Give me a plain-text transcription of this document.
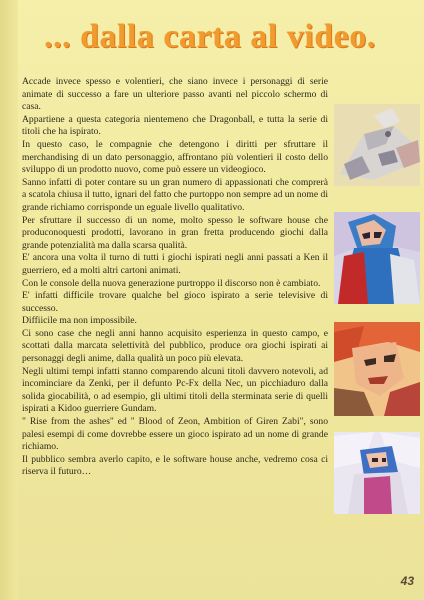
... dalla carta al video.

Accade invece spesso e volentieri, che siano invece i personaggi di serie animate di successo a fare un ulteriore passo avanti nel piccolo schermo di casa.

Appartiene a questa categoria nientemeno che Dragonball, e tutta la serie di titoli che ha ispirato.

In questo caso, le compagnie che detengono i diritti per sfruttare il merchandising di un dato personaggio, affrontano più volentieri il costo dello sviluppo di un prodotto nuovo, come può essere un videogioco.

Sanno infatti di poter contare su un gran numero di appassionati che comprerà a scatola chiusa il tutto, ignari del fatto che purtoppo non sempre ad un nome di grande richiamo corrisponde un eguale livello qualitativo.

Per sfruttare il successo di un nome, molto spesso le software house che produconoquesti prodotti, lavorano in gran fretta producendo giochi dalla grande potenzialità ma dalla scarsa qualità.

E' ancora una volta il turno di tutti i giochi ispirati negli anni passati a Ken il guerriero, ed a molti altri cartoni animati.

Con le console della nuova generazione purtroppo il discorso non è cambiato.

E' infatti difficile trovare qualche bel gioco ispirato a serie televisive di successo.

Diffiicile ma non impossibile.

Ci sono case che negli anni hanno acquisito esperienza in questo campo, e scottati dalla marcata selettività del pubblico, produce ora giochi ispirati ai personaggi degli anime, dalla qualità un poco più elevata.

Negli ultimi tempi infatti stanno comparendo alcuni titoli davvero notevoli, ad incominciare da Zenki, per il defunto Pc-Fx della Nec, un picchiaduro dalla solida giocabilità, o ad esempio, gli ultimi titoli della sterminata serie di quelli ispirati a Kidoo guerriere Gundam.

" Rise from the ashes" ed " Blood of Zeon, Ambition of Giren Zabi", sono palesi esempi di come dovrebbe essere un gioco ispirato ad un nome di grande richiamo.

Il pubblico sembra averlo capito, e le software house anche, vedremo cosa ci riserva il futuro…

43
